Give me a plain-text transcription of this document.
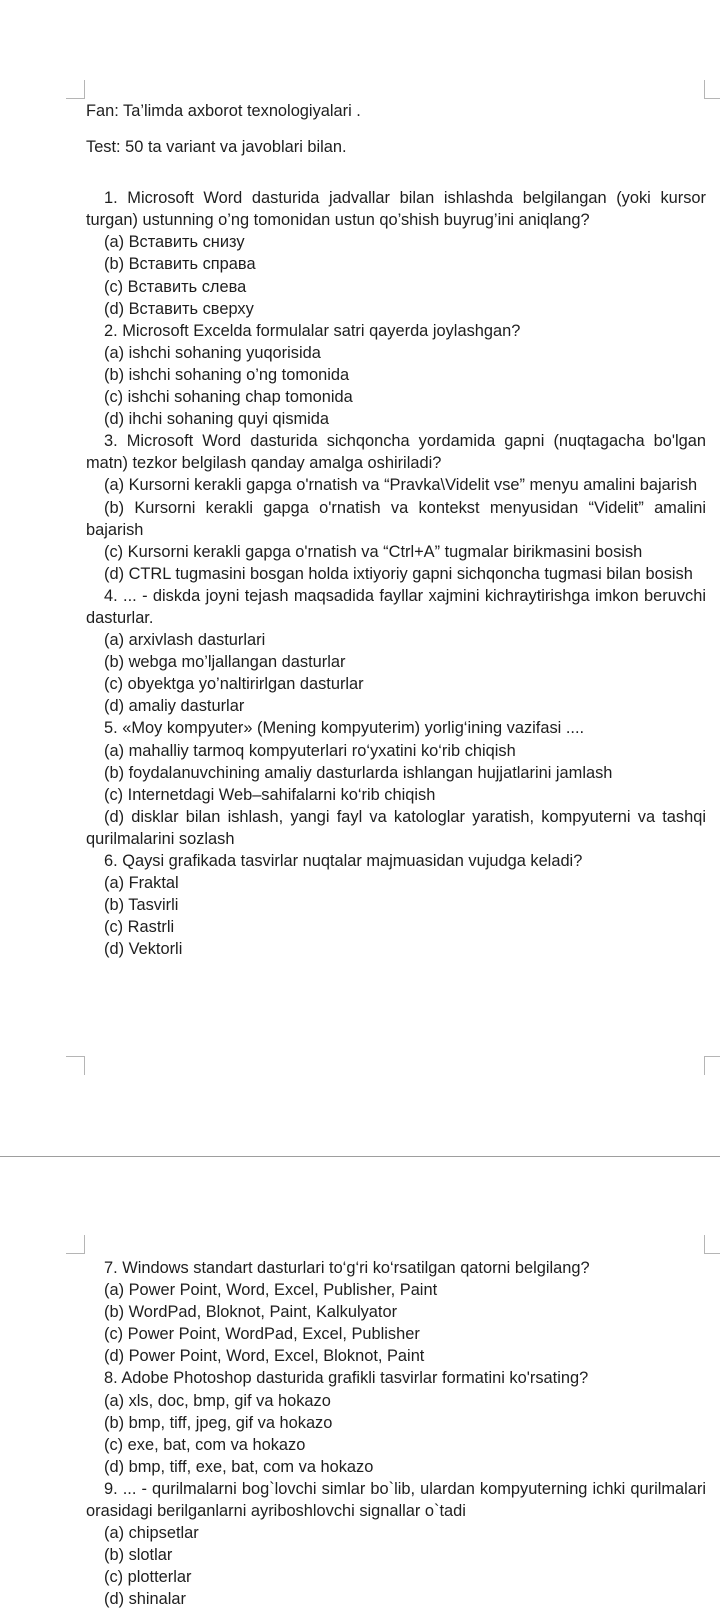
Fan: Ta’limda axborot texnologiyalari .

Test: 50 ta variant va javoblari bilan.

1. Microsoft Word dasturida jadvallar bilan ishlashda belgilangan (yoki kursor turgan) ustunning o’ng tomonidan ustun qo’shish buyrug’ini aniqlang?

(a) Вставить снизу

(b) Вставить справа

(c) Вставить слева

(d) Вставить сверху

2. Microsoft Excelda formulalar satri qayerda joylashgan?

(a) ishchi sohaning yuqorisida

(b) ishchi sohaning o’ng tomonida

(c) ishchi sohaning chap tomonida

(d) ihchi sohaning quyi qismida

3. Microsoft Word dasturida sichqoncha yordamida gapni (nuqtagacha bo'lgan matn) tezkor belgilash qanday amalga oshiriladi?

(a) Kursorni kerakli gapga o'rnatish va “Pravka\Videlit vse” menyu amalini bajarish

(b) Kursorni kerakli gapga o'rnatish va kontekst menyusidan “Videlit” amalini bajarish

(c) Kursorni kerakli gapga o'rnatish va “Ctrl+A” tugmalar birikmasini bosish

(d) CTRL tugmasini bosgan holda ixtiyoriy gapni sichqoncha tugmasi bilan bosish

4. ... - diskda joyni tejash maqsadida fayllar xajmini kichraytirishga imkon beruvchi dasturlar.

(a) arxivlash dasturlari

(b) webga mo’ljallangan dasturlar

(c) obyektga yo’naltirirlgan dasturlar

(d) amaliy dasturlar

5. «Moy kompyuter» (Mening kompyuterim) yorlig‘ining vazifasi ....

(a) mahalliy tarmoq kompyuterlari ro‘yxatini ko‘rib chiqish

(b) foydalanuvchining amaliy dasturlarda ishlangan hujjatlarini jamlash

(c) Internetdagi Web–sahifalarni ko‘rib chiqish

(d) disklar bilan ishlash, yangi fayl va katologlar yaratish, kompyuterni va tashqi qurilmalarini sozlash

6. Qaysi grafikada tasvirlar nuqtalar majmuasidan vujudga keladi?

(a) Fraktal

(b) Tasvirli

(c) Rastrli

(d) Vektorli

7. Windows standart dasturlari to‘g‘ri ko‘rsatilgan qatorni belgilang?

(a) Power Point, Word, Excel, Publisher, Paint

(b) WordPad, Bloknot, Paint, Kalkulyator

(c) Power Point, WordPad, Excel, Publisher

(d) Power Point, Word, Excel, Bloknot, Paint

8. Adobe Photoshop dasturida grafikli tasvirlar formatini ko'rsating?

(a) xls, doc, bmp, gif va hokazo

(b) bmp, tiff, jpeg, gif va hokazo

(c) exe, bat, com va hokazo

(d) bmp, tiff, exe, bat, com va hokazo

9. ... - qurilmalarni bog`lovchi simlar bo`lib, ulardan kompyuterning ichki qurilmalari orasidagi berilganlarni ayriboshlovchi signallar o`tadi

(a) chipsetlar

(b) slotlar

(c) plotterlar

(d) shinalar
